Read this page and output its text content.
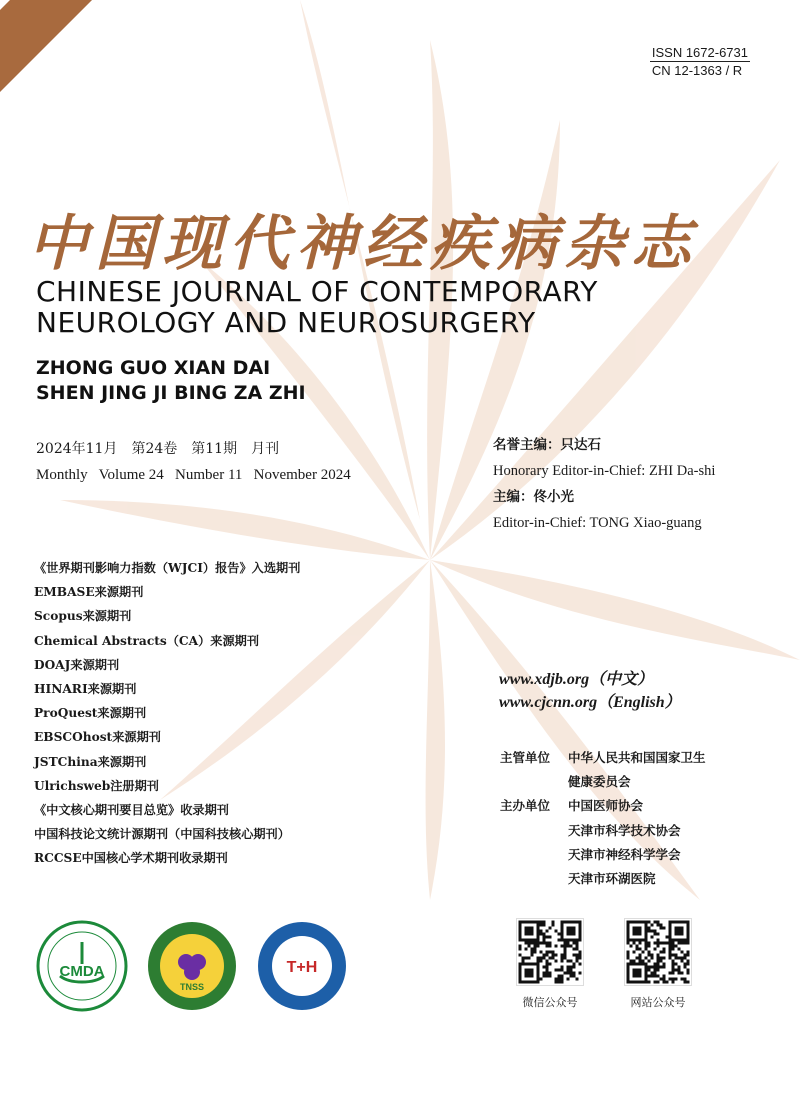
ISSN 1672-6731
CN 12-1363 / R
中国现代神经疾病杂志
CHINESE JOURNAL OF CONTEMPORARY
NEUROLOGY AND NEUROSURGERY
ZHONG GUO XIAN DAI
SHEN JING JI BING ZA ZHI
2024年11月　第24卷　第11期　月刊
Monthly   Volume 24   Number 11   November 2024
名誉主编：只达石
Honorary Editor-in-Chief: ZHI Da-shi
主编：佟小光
Editor-in-Chief: TONG Xiao-guang
《世界期刊影响力指数（WJCI）报告》入选期刊
EMBASE来源期刊
Scopus来源期刊
Chemical Abstracts（CA）来源期刊
DOAJ来源期刊
HINARI来源期刊
ProQuest来源期刊
EBSCOhost来源期刊
JSTChina来源期刊
Ulrichsweb注册期刊
《中文核心期刊要目总览》收录期刊
中国科技论文统计源期刊（中国科技核心期刊）
RCCSE中国核心学术期刊收录期刊
www.xdjb.org（中文）
www.cjcnn.org（English）
主管单位	中华人民共和国国家卫生
健康委员会
主办单位	中国医师协会
天津市科学技术协会
天津市神经科学学会
天津市环湖医院
CMDA
TNSS
T+H
微信公众号	网站公众号
